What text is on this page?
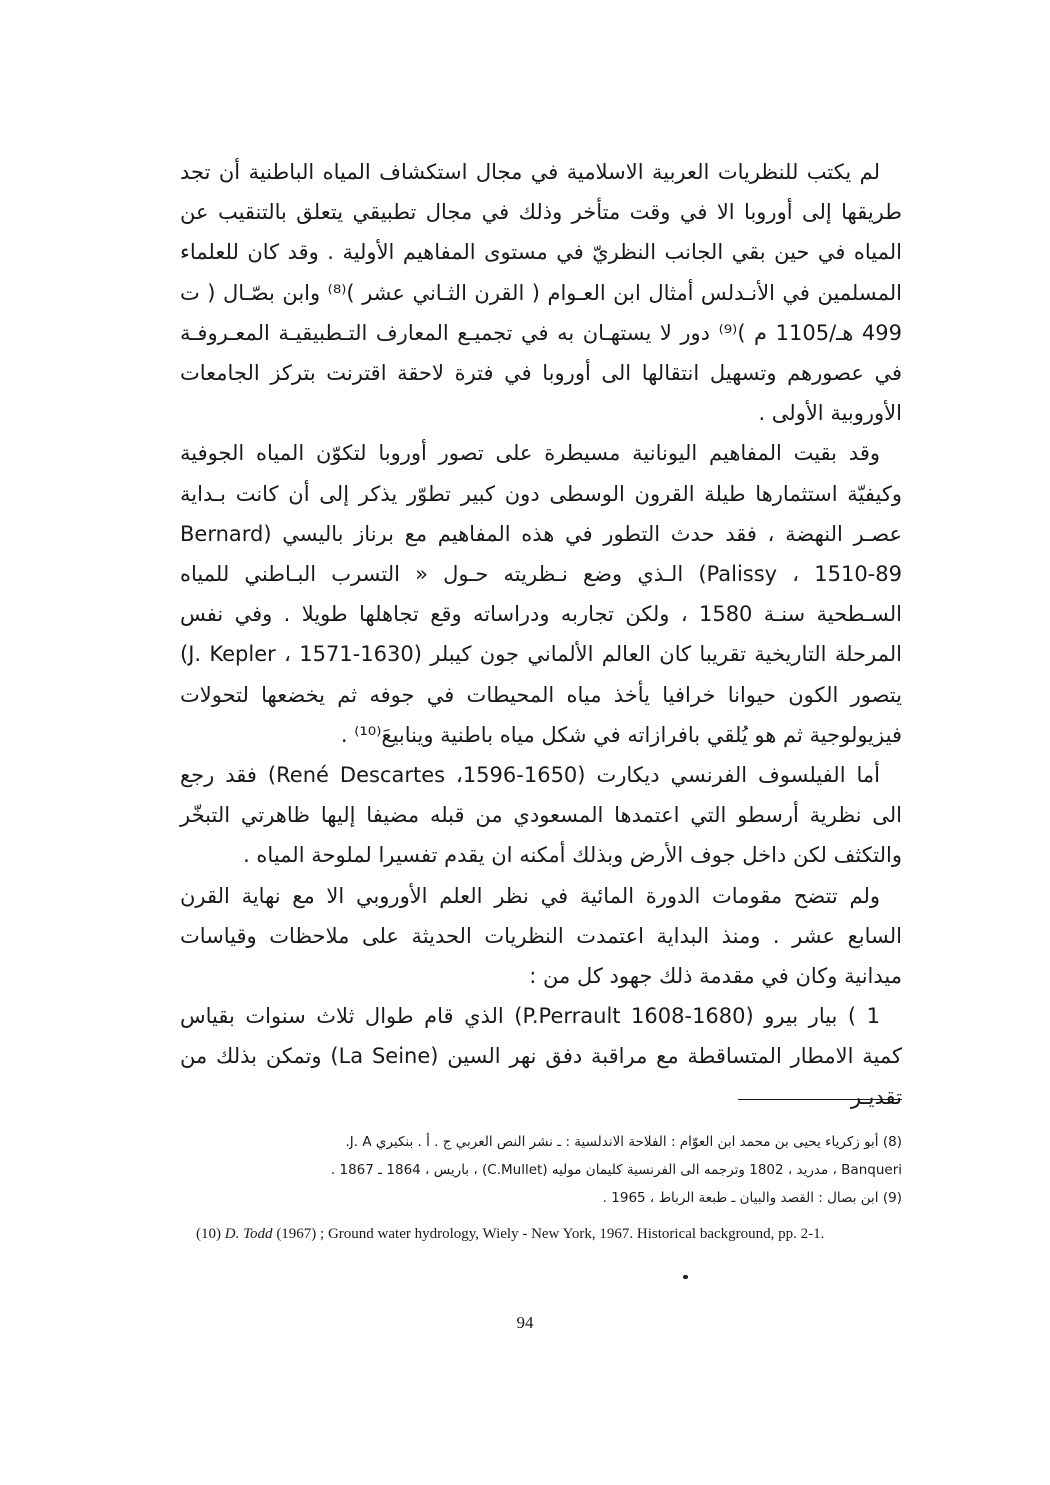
لم يكتب للنظريات العربية الاسلامية في مجال استكشاف المياه الباطنية أن تجد طريقها إلى أوروبا الا في وقت متأخر وذلك في مجال تطبيقي يتعلق بالتنقيب عن المياه في حين بقي الجانب النظريّ في مستوى المفاهيم الأولية . وقد كان للعلماء المسلمين في الأنـدلس أمثال ابن العـوام ( القرن الثـاني عشر )⁽⁸⁾ وابن بصّـال ( ت 499 هـ/1105 م )⁽⁹⁾ دور لا يستهـان به في تجميـع المعارف التـطبيقيـة المعـروفـة في عصورهم وتسهيل انتقالها الى أوروبا في فترة لاحقة اقترنت بتركز الجامعات الأوروبية الأولى .

وقد بقيت المفاهيم اليونانية مسيطرة على تصور أوروبا لتكوّن المياه الجوفية وكيفيّة استثمارها طيلة القرون الوسطى دون كبير تطوّر يذكر إلى أن كانت بـداية عصـر النهضة ، فقد حدث التطور في هذه المفاهيم مع برناز باليسي (Bernard Palissy ، 1510-89) الـذي وضع نـظريته حـول « التسرب البـاطني للمياه السـطحية سنـة 1580 ، ولكن تجاربه ودراساته وقع تجاهلها طويلا . وفي نفس المرحلة التاريخية تقريبا كان العالم الألماني جون كيبلر (J. Kepler ، 1571-1630) يتصور الكون حيوانا خرافيا يأخذ مياه المحيطات في جوفه ثم يخضعها لتحولات فيزيولوجية ثم هو يُلقي بافرازاته في شكل مياه باطنية وينابيعَ⁽¹⁰⁾ .

أما الفيلسوف الفرنسي ديكارت (René Descartes ،1596-1650) فقد رجع الى نظرية أرسطو التي اعتمدها المسعودي من قبله مضيفا إليها ظاهرتي التبخّر والتكثف لكن داخل جوف الأرض وبذلك أمكنه ان يقدم تفسيرا لملوحة المياه .

ولم تتضح مقومات الدورة المائية في نظر العلم الأوروبي الا مع نهاية القرن السابع عشر . ومنذ البداية اعتمدت النظريات الحديثة على ملاحظات وقياسات ميدانية وكان في مقدمة ذلك جهود كل من :

1 ) بيار بيرو (P.Perrault 1608-1680) الذي قام طوال ثلاث سنوات بقياس كمية الامطار المتساقطة مع مراقبة دفق نهر السين (La Seine) وتمكن بذلك من تقديـر

(8) أبو زكرياء يحيى بن محمد ابن العوّام : الفلاحة الاندلسية : ـ نشر النص العربي ج . أ . بنكيري J. A.

Banqueri ، مدريد ، 1802 وترجمه الى الفرنسية كليمان موليه (C.Mullet) ، باريس ، 1864 ـ 1867 .

(9) ابن بصال : القصد والبيان ـ طبعة الرباط ، 1965 .

(10) D. Todd (1967) ; Ground water hydrology, Wiely - New York, 1967. Historical background, pp. 2-1.

94
